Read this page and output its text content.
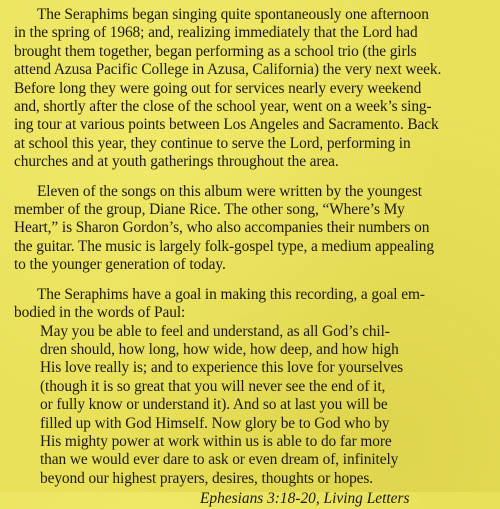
The Seraphims began singing quite spontaneously one afternoon
in the spring of 1968; and, realizing immediately that the Lord had
brought them together, began performing as a school trio (the girls
attend Azusa Pacific College in Azusa, California) the very next week.
Before long they were going out for services nearly every weekend
and, shortly after the close of the school year, went on a week’s sing-
ing tour at various points between Los Angeles and Sacramento. Back
at school this year, they continue to serve the Lord, performing in
churches and at youth gatherings throughout the area.

Eleven of the songs on this album were written by the youngest
member of the group, Diane Rice. The other song, “Where’s My
Heart,” is Sharon Gordon’s, who also accompanies their numbers on
the guitar. The music is largely folk-gospel type, a medium appealing
to the younger generation of today.

The Seraphims have a goal in making this recording, a goal em-
bodied in the words of Paul:

May you be able to feel and understand, as all God’s chil-
dren should, how long, how wide, how deep, and how high
His love really is; and to experience this love for yourselves
(though it is so great that you will never see the end of it,
or fully know or understand it). And so at last you will be
filled up with God Himself. Now glory be to God who by
His mighty power at work within us is able to do far more
than we would ever dare to ask or even dream of, infinitely
beyond our highest prayers, desires, thoughts or hopes.

Ephesians 3:18-20, Living Letters
